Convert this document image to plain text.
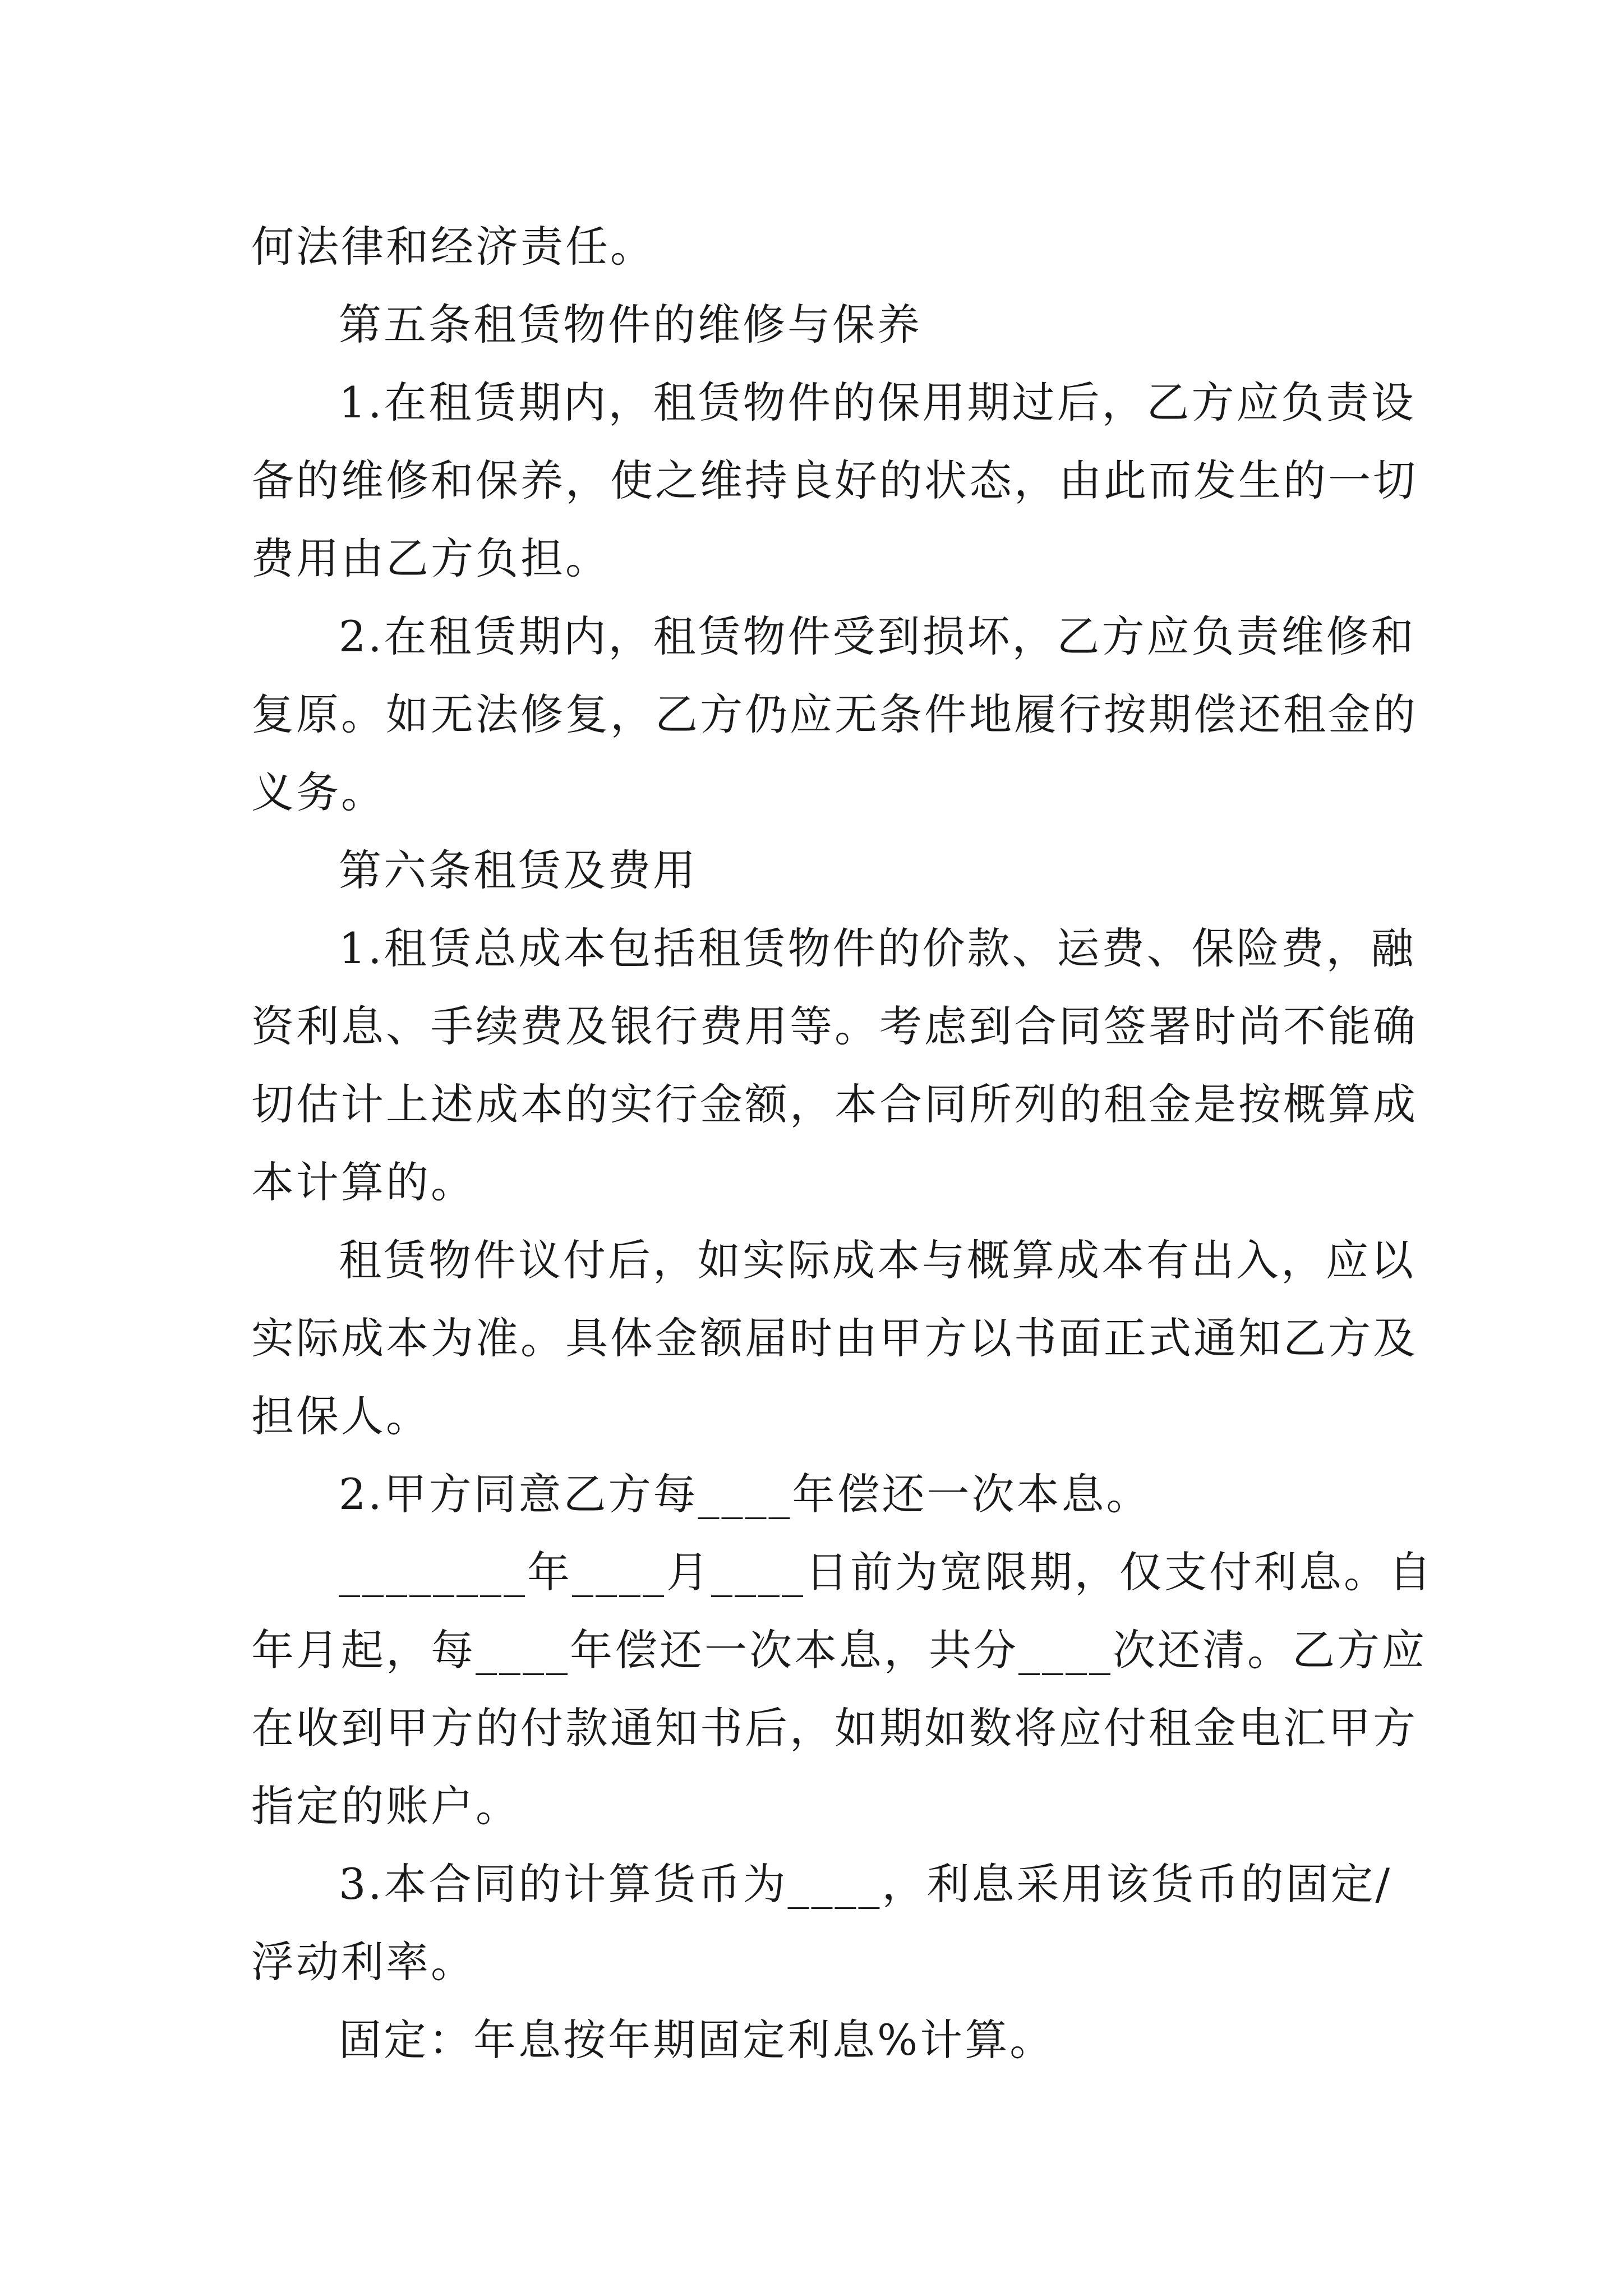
何法律和经济责任。
第五条租赁物件的维修与保养
1.在租赁期内，租赁物件的保用期过后，乙方应负责设
备的维修和保养，使之维持良好的状态，由此而发生的一切
费用由乙方负担。
2.在租赁期内，租赁物件受到损坏，乙方应负责维修和
复原。如无法修复，乙方仍应无条件地履行按期偿还租金的
义务。
第六条租赁及费用
1.租赁总成本包括租赁物件的价款、运费、保险费，融
资利息、手续费及银行费用等。考虑到合同签署时尚不能确
切估计上述成本的实行金额，本合同所列的租金是按概算成
本计算的。
租赁物件议付后，如实际成本与概算成本有出入，应以
实际成本为准。具体金额届时由甲方以书面正式通知乙方及
担保人。
2.甲方同意乙方每____年偿还一次本息。
________年____月____日前为宽限期，仅支付利息。自
年月起，每____年偿还一次本息，共分____次还清。乙方应
在收到甲方的付款通知书后，如期如数将应付租金电汇甲方
指定的账户。
3.本合同的计算货币为____，利息采用该货币的固定/
浮动利率。
固定：年息按年期固定利息%计算。
